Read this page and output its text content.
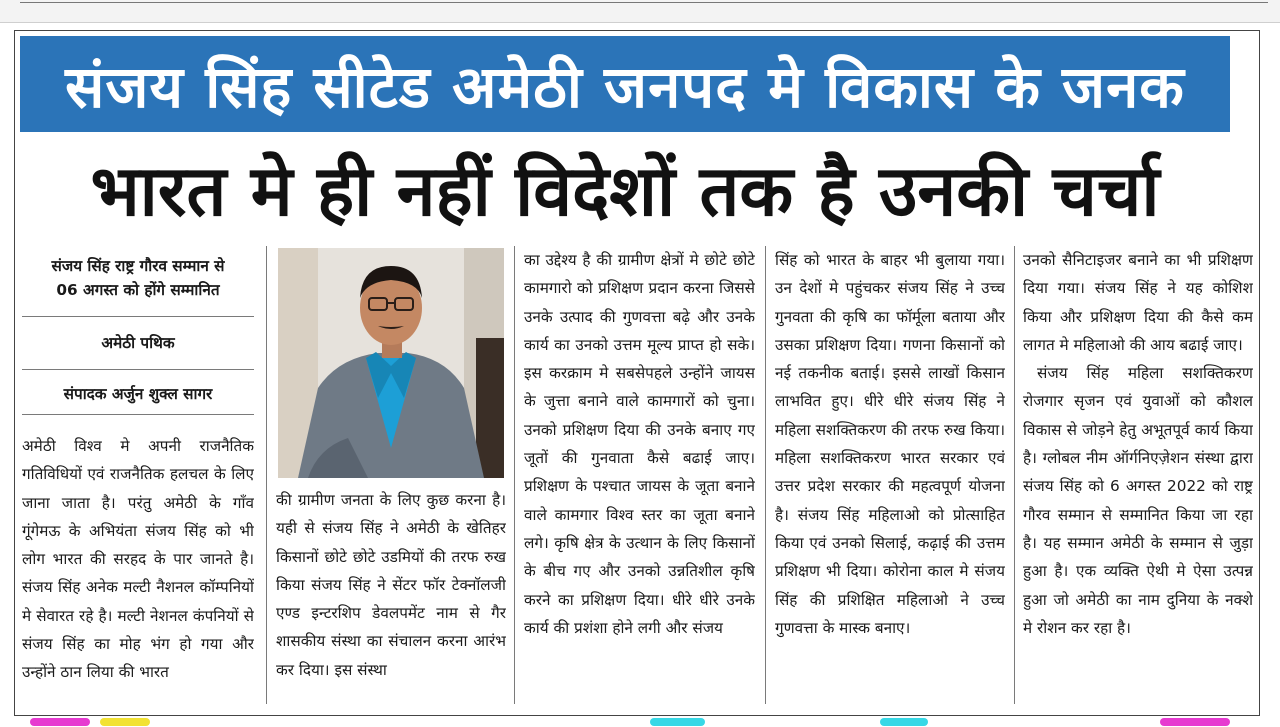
संजय सिंह सीटेड अमेठी जनपद मे विकास के जनक
भारत मे ही नहीं विदेशों तक है उनकी चर्चा

संजय सिंह राष्ट्र गौरव सम्मान से

06 अगस्त को होंगे सम्मानित

अमेठी पथिक

संपादक अर्जुन शुक्ल सागर

अमेठी विश्व मे अपनी राजनैतिक गतिविधियों एवं राजनैतिक हलचल के लिए जाना जाता है। परंतु अमेठी के गाँव गूंगेमऊ के अभियंता संजय सिंह को भी लोग भारत की सरहद के पार जानते है। संजय सिंह अनेक मल्टी नैशनल कॉम्पनियों मे सेवारत रहे है। मल्टी नेशनल कंपनियों से संजय सिंह का मोह भंग हो गया और उन्होंने ठान लिया की भारत

की ग्रामीण जनता के लिए कुछ करना है। यही से संजय सिंह ने अमेठी के खेतिहर किसानों छोटे छोटे उडमियों की तरफ रुख किया संजय सिंह ने सेंटर फॉर टेक्नॉलजी एण्ड इन्टरशिप डेवलपमेंट नाम से गैर शासकीय संस्था का संचालन करना आरंभ कर दिया। इस संस्था

का उद्देश्य है की ग्रामीण क्षेत्रों मे छोटे छोटे कामगारो को प्रशिक्षण प्रदान करना जिससे उनके उत्पाद की गुणवत्ता बढ़े और उनके कार्य का उनको उत्तम मूल्य प्राप्त हो सके। इस करक्राम मे सबसेपहले उन्होंने जायस के जुत्ता बनाने वाले कामगारों को चुना। उनको प्रशिक्षण दिया की उनके बनाए गए जूतों की गुनवाता कैसे बढाई जाए। प्रशिक्षण के पश्चात जायस के जूता बनाने वाले कामगार विश्व स्तर का जूता बनाने लगे। कृषि क्षेत्र के उत्थान के लिए किसानों के बीच गए और उनको उन्नतिशील कृषि करने का प्रशिक्षण दिया। धीरे धीरे उनके कार्य की प्रशंशा होने लगी और संजय

सिंह को भारत के बाहर भी बुलाया गया। उन देशों मे पहुंचकर संजय सिंह ने उच्च गुनवता की कृषि का फॉर्मूला बताया और उसका प्रशिक्षण दिया। गणना किसानों को नई तकनीक बताई। इससे लाखों किसान लाभवित हुए। धीरे धीरे संजय सिंह ने महिला सशक्तिकरण की तरफ रुख किया। महिला सशक्तिकरण भारत सरकार एवं उत्तर प्रदेश सरकार की महत्वपूर्ण योजना है। संजय सिंह महिलाओ को प्रोत्साहित किया एवं उनको सिलाई, कढ़ाई की उत्तम प्रशिक्षण भी दिया। कोरोना काल मे संजय सिंह की प्रशिक्षित महिलाओ ने उच्च गुणवत्ता के मास्क बनाए।

उनको सैनिटाइजर बनाने का भी प्रशिक्षण दिया गया। संजय सिंह ने यह कोशिश किया और प्रशिक्षण दिया की कैसे कम लागत मे महिलाओ की आय बढाई जाए।

संजय सिंह महिला सशक्तिकरण रोजगार सृजन एवं युवाओं को कौशल विकास से जोड़ने हेतु अभूतपूर्व कार्य किया है। ग्लोबल नीम ऑर्गनिएज़ेशन संस्था द्वारा संजय सिंह को 6 अगस्त 2022 को राष्ट्र गौरव सम्मान से सम्मानित किया जा रहा है। यह सम्मान अमेठी के सम्मान से जुड़ा हुआ है। एक व्यक्ति ऐथी मे ऐसा उत्पन्न हुआ जो अमेठी का नाम दुनिया के नक्शे मे रोशन कर रहा है।
